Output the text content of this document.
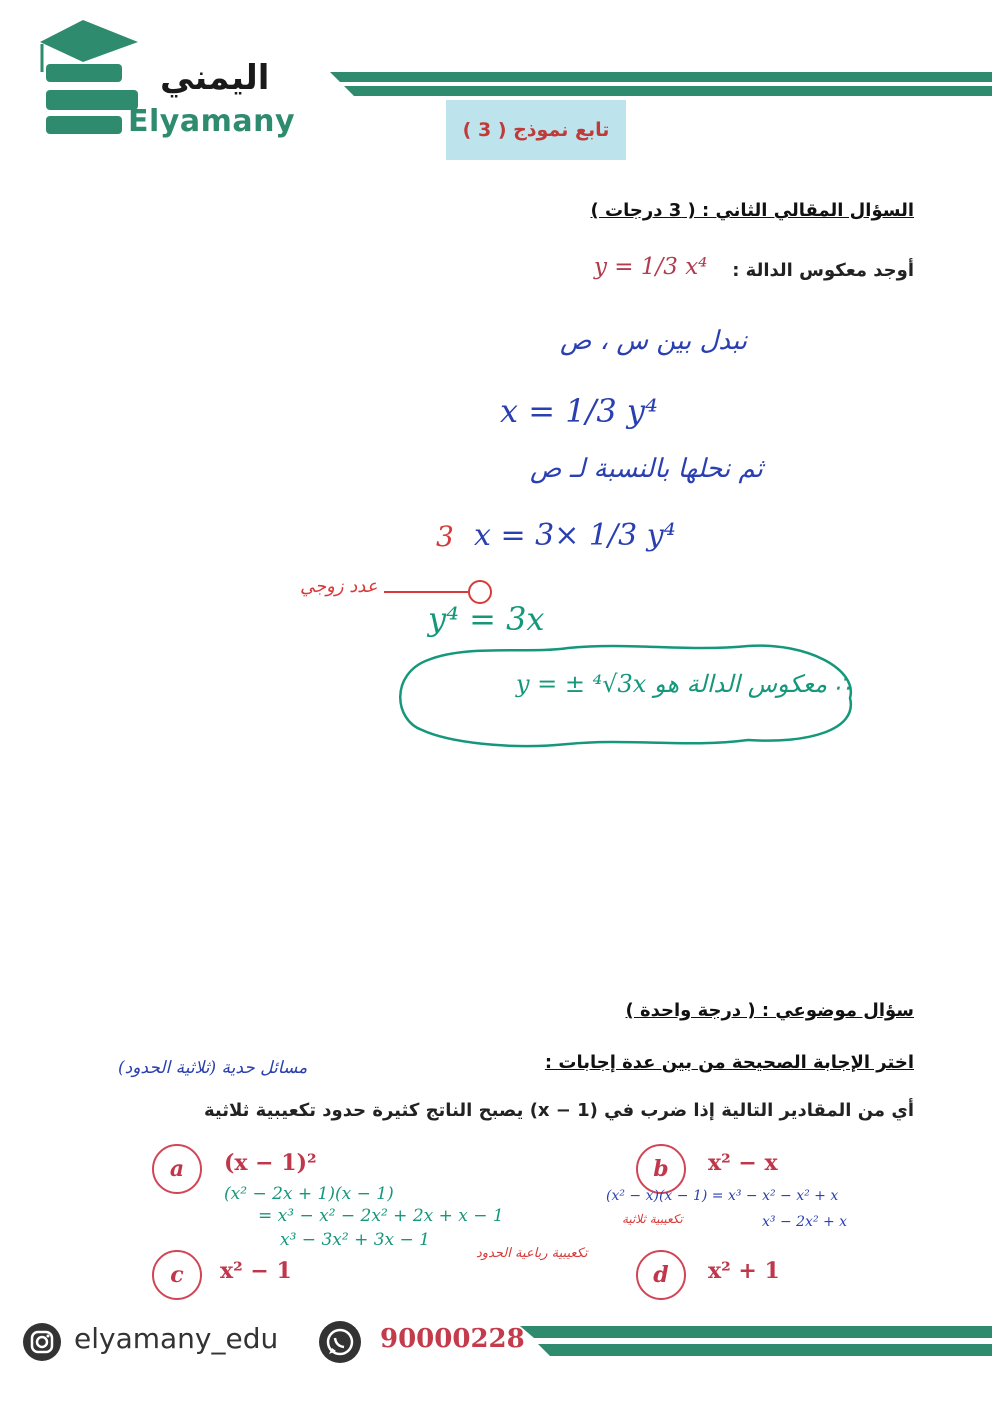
اليمني
Elyamany	تابع نموذج ( 3 )
السؤال المقالي الثاني : ( 3 درجات )
أوجد معكوس الدالة :
y = 1/3 x⁴
نبدل بين س ، ص
x = 1/3 y⁴
ثم نحلها بالنسبة لـ ص
3 x = 3× 1/3 y⁴
عدد زوجي
y⁴ = 3x
∴ معكوس الدالة هو y = ± ⁴√3x
سؤال موضوعي : ( درجة واحدة )
اختر الإجابة الصحيحة من بين عدة إجابات :
مسائل حدية (ثلاثية الحدود)
أي من المقادير التالية إذا ضرب في (x − 1) يصبح الناتج كثيرة حدود تكعيبية ثلاثية
a	(x − 1)²	b	x² − x
c	x² − 1	d	x² + 1
(x² − 2x + 1)(x − 1)
= x³ − x² − 2x² + 2x + x − 1
x³ − 3x² + 3x − 1
تكعيبية رباعية الحدود
(x² − x)(x − 1) = x³ − x² − x² + x
x³ − 2x² + x
تكعيبية ثلاثية
elyamany_edu	90000228
